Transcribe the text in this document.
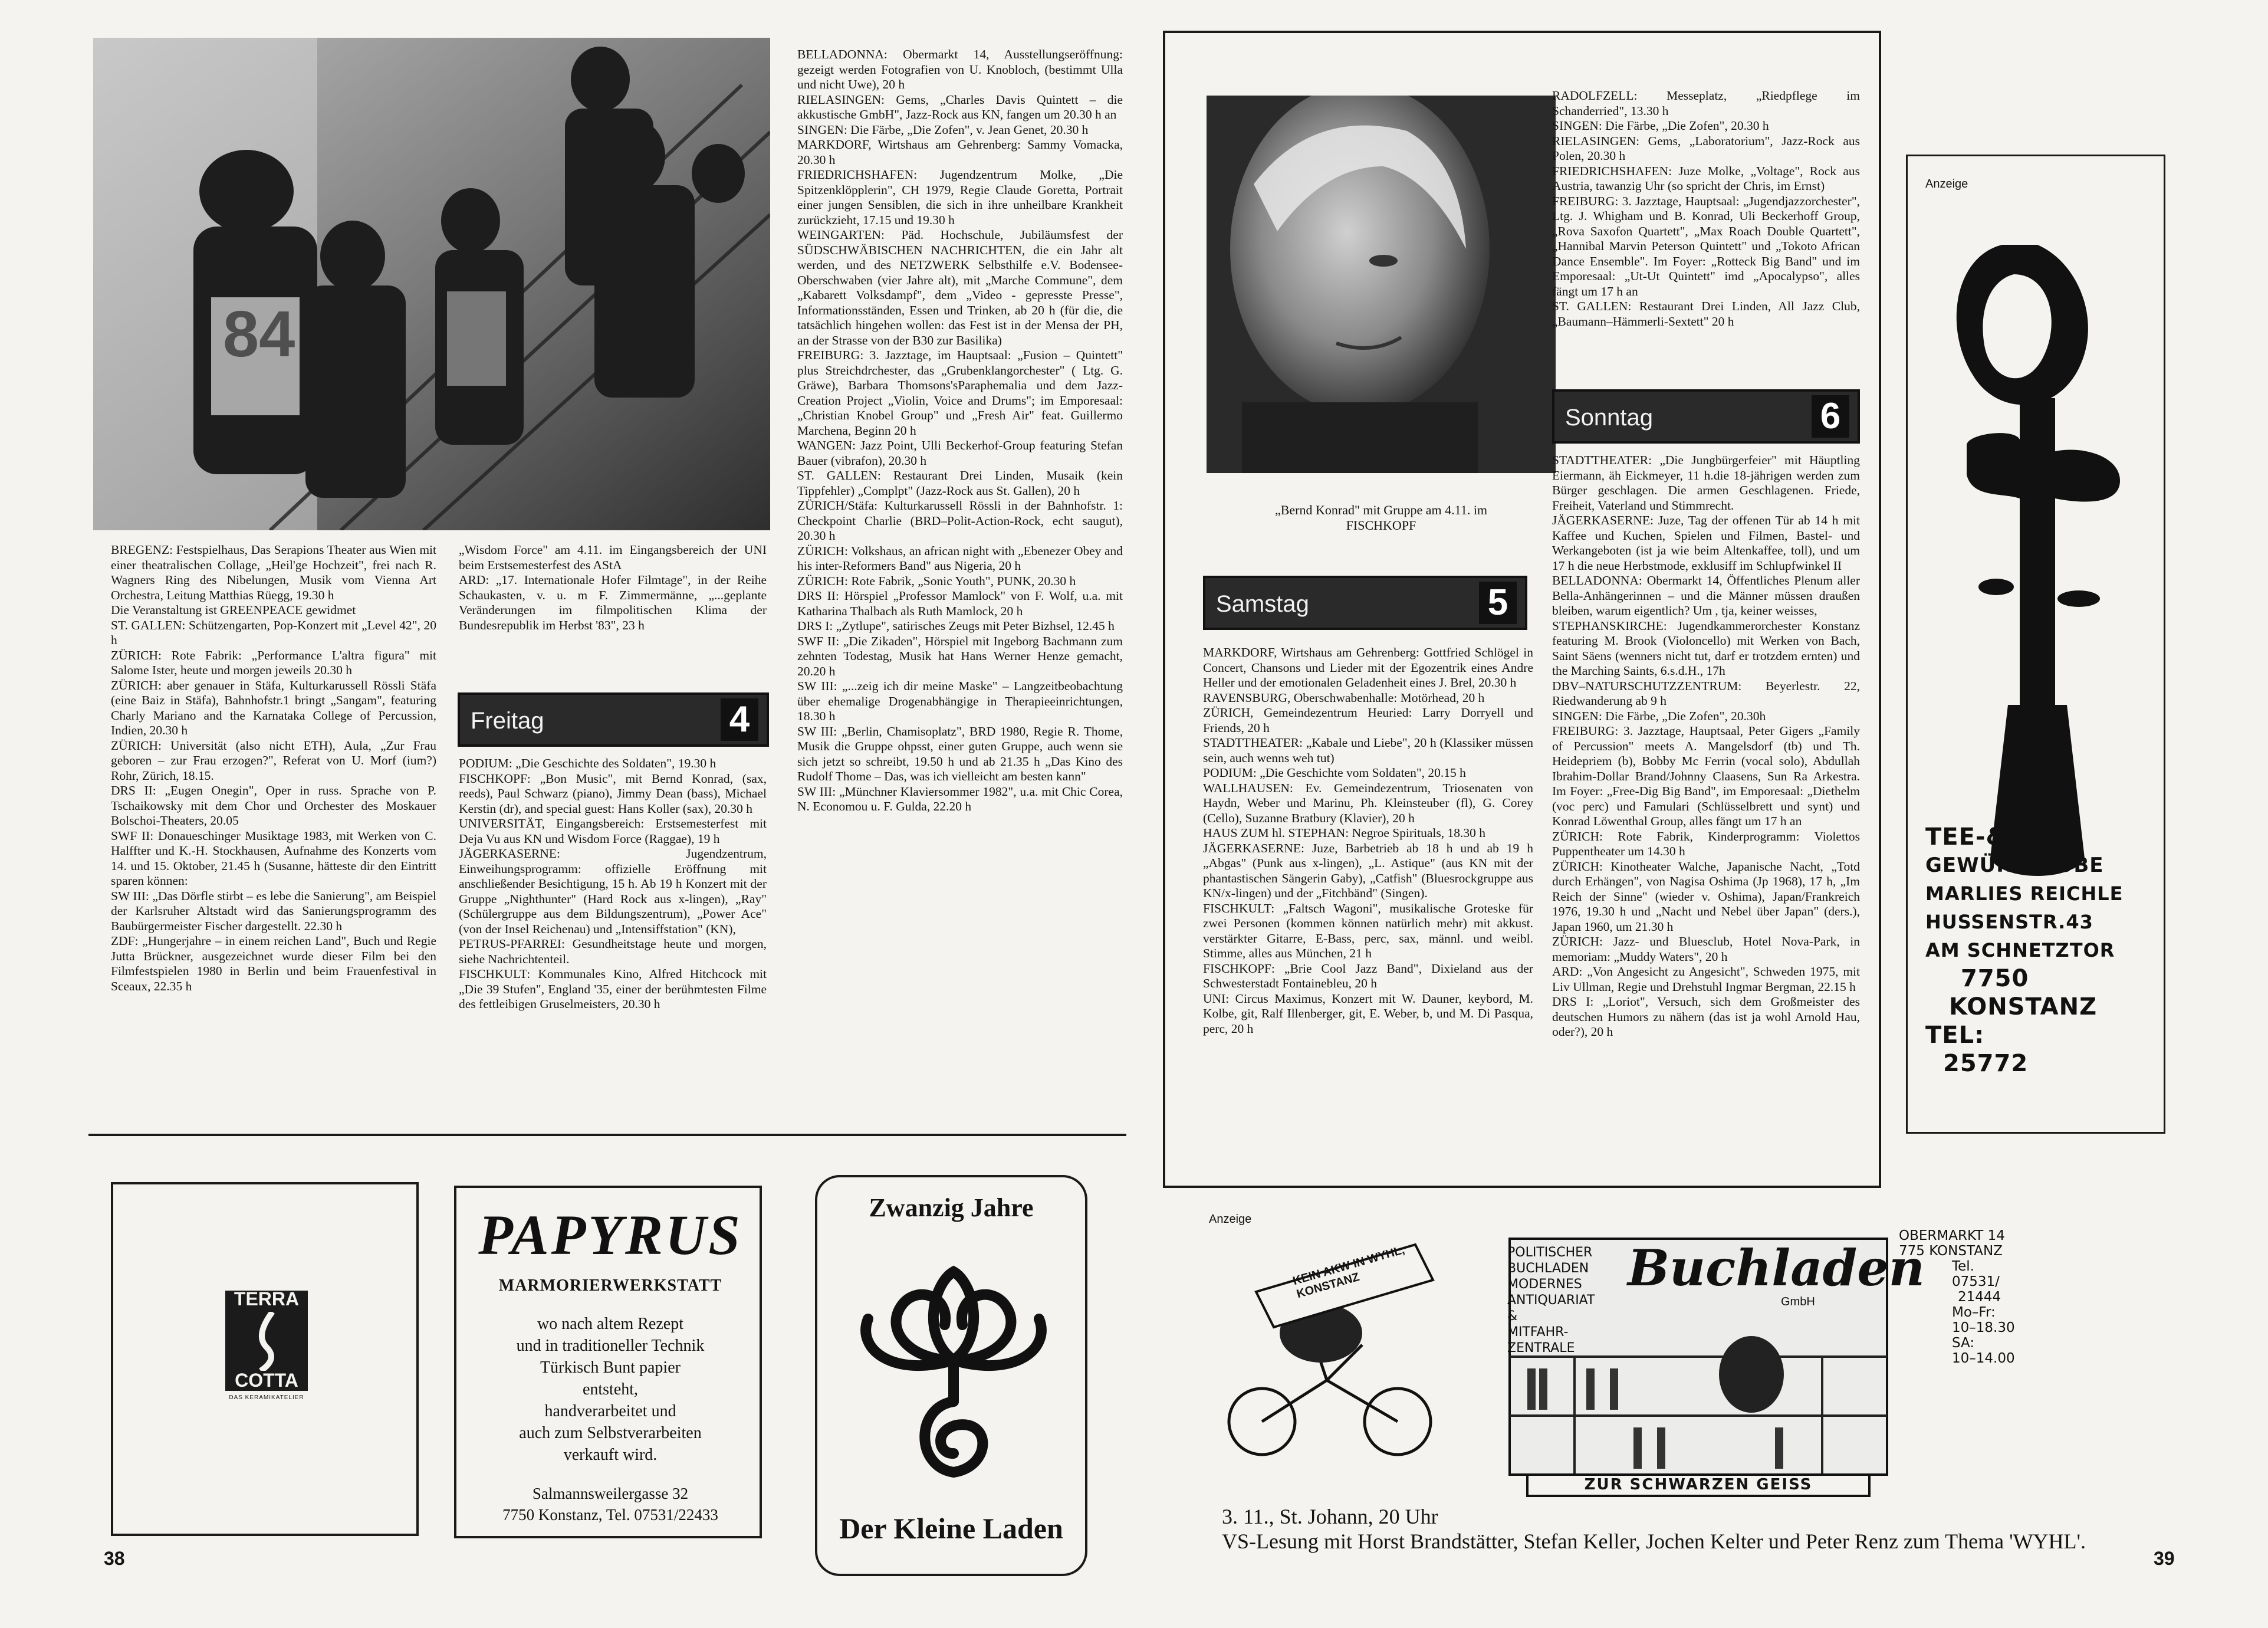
84
BREGENZ: Festspielhaus, Das Serapions Theater aus Wien mit einer theatralischen Collage, „Heil'ge Hochzeit", frei nach R. Wagners Ring des Nibelungen, Musik vom Vienna Art Orchestra, Leitung Matthias Rüegg, 19.30 h
Die Veranstaltung ist GREENPEACE gewidmet
ST. GALLEN: Schützengarten, Pop-Konzert mit „Level 42", 20 h
ZÜRICH: Rote Fabrik: „Performance L'altra figura" mit Salome Ister, heute und morgen jeweils 20.30 h
ZÜRICH: aber genauer in Stäfa, Kulturkarussell Rössli Stäfa (eine Baiz in Stäfa), Bahnhofstr.1 bringt „Sangam", featuring Charly Mariano and the Karnataka College of Percussion, Indien, 20.30 h
ZÜRICH: Universität (also nicht ETH), Aula, „Zur Frau geboren – zur Frau erzogen?", Referat von U. Morf (ium?) Rohr, Zürich, 18.15.
DRS II: „Eugen Onegin", Oper in russ. Sprache von P. Tschaikowsky mit dem Chor und Orchester des Moskauer Bolschoi-Theaters, 20.05
SWF II: Donaueschinger Musiktage 1983, mit Werken von C. Halffter und K.-H. Stockhausen, Aufnahme des Konzerts vom 14. und 15. Oktober, 21.45 h (Susanne, hätteste dir den Eintritt sparen können:
SW III: „Das Dörfle stirbt – es lebe die Sanierung", am Beispiel der Karlsruher Altstadt wird das Sanierungsprogramm des Baubürgermeister Fischer dargestellt. 22.30 h
ZDF: „Hungerjahre – in einem reichen Land", Buch und Regie Jutta Brückner, ausgezeichnet wurde dieser Film bei den Filmfestspielen 1980 in Berlin und beim Frauenfestival in Sceaux, 22.35 h
„Wisdom Force" am 4.11. im Eingangsbereich der UNI beim Erstsemesterfest des AStA
ARD: „17. Internationale Hofer Filmtage", in der Reihe Schaukasten, v. u. m F. Zimmermänne, „...geplante Veränderungen im filmpolitischen Klima der Bundesrepublik im Herbst '83", 23 h
Freitag	4
PODIUM: „Die Geschichte des Soldaten", 19.30 h
FISCHKOPF: „Bon Music", mit Bernd Konrad, (sax, reeds), Paul Schwarz (piano), Jimmy Dean (bass), Michael Kerstin (dr), and special guest: Hans Koller (sax), 20.30 h
UNIVERSITÄT, Eingangsbereich: Erstsemesterfest mit Deja Vu aus KN und Wisdom Force (Raggae), 19 h
JÄGERKASERNE: Jugendzentrum, Einweihungsprogramm: offizielle Eröffnung mit anschließender Besichtigung, 15 h. Ab 19 h Konzert mit der Gruppe „Nighthunter" (Hard Rock aus x-lingen), „Ray" (Schülergruppe aus dem Bildungszentrum), „Power Ace" (von der Insel Reichenau) und „Intensiffstation" (KN),
PETRUS-PFARREI: Gesundheitstage heute und morgen, siehe Nachrichtenteil.
FISCHKULT: Kommunales Kino, Alfred Hitchcock mit „Die 39 Stufen", England '35, einer der berühmtesten Filme des fettleibigen Gruselmeisters, 20.30 h
BELLADONNA: Obermarkt 14, Ausstellungseröffnung: gezeigt werden Fotografien von U. Knobloch, (bestimmt Ulla und nicht Uwe), 20 h
RIELASINGEN: Gems, „Charles Davis Quintett – die akkustische GmbH", Jazz-Rock aus KN, fangen um 20.30 h an
SINGEN: Die Färbe, „Die Zofen", v. Jean Genet, 20.30 h
MARKDORF, Wirtshaus am Gehrenberg: Sammy Vomacka, 20.30 h
FRIEDRICHSHAFEN: Jugendzentrum Molke, „Die Spitzenklöpplerin", CH 1979, Regie Claude Goretta, Portrait einer jungen Sensiblen, die sich in ihre unheilbare Krankheit zurückzieht, 17.15 und 19.30 h
WEINGARTEN: Päd. Hochschule, Jubiläumsfest der SÜDSCHWÄBISCHEN NACHRICHTEN, die ein Jahr alt werden, und des NETZWERK Selbsthilfe e.V. Bodensee-Oberschwaben (vier Jahre alt), mit „Marche Commune", dem „Kabarett Volksdampf", dem „Video - gepresste Presse", Informationsständen, Essen und Trinken, ab 20 h (für die, die tatsächlich hingehen wollen: das Fest ist in der Mensa der PH, an der Strasse von der B30 zur Basilika)
FREIBURG: 3. Jazztage, im Hauptsaal: „Fusion – Quintett" plus Streichdrchester, das „Grubenklangorchester" ( Ltg. G. Gräwe), Barbara Thomsons'sParaphemalia und dem Jazz-Creation Project „Violin, Voice and Drums"; im Emporesaal: „Christian Knobel Group" und „Fresh Air" feat. Guillermo Marchena, Beginn 20 h
WANGEN: Jazz Point, Ulli Beckerhof-Group featuring Stefan Bauer (vibrafon), 20.30 h
ST. GALLEN: Restaurant Drei Linden, Musaik (kein Tippfehler) „Complpt" (Jazz-Rock aus St. Gallen), 20 h
ZÜRICH/Stäfa: Kulturkarussell Rössli in der Bahnhofstr. 1: Checkpoint Charlie (BRD–Polit-Action-Rock, echt saugut), 20.30 h
ZÜRICH: Volkshaus, an african night with „Ebenezer Obey and his inter-Reformers Band" aus Nigeria, 20 h
ZÜRICH: Rote Fabrik, „Sonic Youth", PUNK, 20.30 h
DRS II: Hörspiel „Professor Mamlock" von F. Wolf, u.a. mit Katharina Thalbach als Ruth Mamlock, 20 h
DRS I: „Zytlupe", satirisches Zeugs mit Peter Bizhsel, 12.45 h
SWF II: „Die Zikaden", Hörspiel mit Ingeborg Bachmann zum zehnten Todestag, Musik hat Hans Werner Henze gemacht, 20.20 h
SW III: „...zeig ich dir meine Maske" – Langzeitbeobachtung über ehemalige Drogenabhängige in Therapieeinrichtungen, 18.30 h
SW III: „Berlin, Chamisoplatz", BRD 1980, Regie R. Thome, Musik die Gruppe ohpsst, einer guten Gruppe, auch wenn sie sich jetzt so schreibt, 19.50 h und ab 21.35 h „Das Kino des Rudolf Thome – Das, was ich vielleicht am besten kann"
SW III: „Münchner Klaviersommer 1982", u.a. mit Chic Corea, N. Economou u. F. Gulda, 22.20 h
TERRA
COTTA
DAS KERAMIKATELIER
PAPYRUS
MARMORIERWERKSTATT
wo nach altem Rezept
und in traditioneller Technik
Türkisch Bunt papier
entsteht,
handverarbeitet und
auch zum Selbstverarbeiten
verkauft wird.
Salmannsweilergasse 32
7750 Konstanz, Tel. 07531/22433
Zwanzig Jahre
Der Kleine Laden
38
„Bernd Konrad" mit Gruppe am 4.11. im
FISCHKOPF
Samstag	5
MARKDORF, Wirtshaus am Gehrenberg: Gottfried Schlögel in Concert, Chansons und Lieder mit der Egozentrik eines Andre Heller und der emotionalen Geladenheit eines J. Brel, 20.30 h
RAVENSBURG, Oberschwabenhalle: Motörhead, 20 h
ZÜRICH, Gemeindezentrum Heuried: Larry Dorryell und Friends, 20 h
STADTTHEATER: „Kabale und Liebe", 20 h (Klassiker müssen sein, auch wenns weh tut)
PODIUM: „Die Geschichte vom Soldaten", 20.15 h
WALLHAUSEN: Ev. Gemeindezentrum, Triosenaten von Haydn, Weber und Marinu, Ph. Kleinsteuber (fl), G. Corey (Cello), Suzanne Bratbury (Klavier), 20 h
HAUS ZUM hl. STEPHAN: Negroe Spirituals, 18.30 h
JÄGERKASERNE: Juze, Barbetrieb ab 18 h und ab 19 h „Abgas" (Punk aus x-lingen), „L. Astique" (aus KN mit der phantastischen Sängerin Gaby), „Catfish" (Bluesrockgruppe aus KN/x-lingen) und der „Fitchbänd" (Singen).
FISCHKULT: „Faltsch Wagoni", musikalische Groteske für zwei Personen (kommen können natürlich mehr) mit akkust. verstärkter Gitarre, E-Bass, perc, sax, männl. und weibl. Stimme, alles aus München, 21 h
FISCHKOPF: „Brie Cool Jazz Band", Dixieland aus der Schwesterstadt Fontainebleu, 20 h
UNI: Circus Maximus, Konzert mit W. Dauner, keybord, M. Kolbe, git, Ralf Illenberger, git, E. Weber, b, und M. Di Pasqua, perc, 20 h
RADOLFZELL: Messeplatz, „Riedpflege im Schanderried", 13.30 h
SINGEN: Die Färbe, „Die Zofen", 20.30 h
RIELASINGEN: Gems, „Laboratorium", Jazz-Rock aus Polen, 20.30 h
FRIEDRICHSHAFEN: Juze Molke, „Voltage", Rock aus Austria, tawanzig Uhr (so spricht der Chris, im Ernst)
FREIBURG: 3. Jazztage, Hauptsaal: „Jugendjazzorchester", Ltg. J. Whigham und B. Konrad, Uli Beckerhoff Group, „Rova Saxofon Quartett", „Max Roach Double Quartett", „Hannibal Marvin Peterson Quintett" und „Tokoto African Dance Ensemble". Im Foyer: „Rotteck Big Band" und im Emporesaal: „Ut-Ut Quintett" imd „Apocalypso", alles fängt um 17 h an
ST. GALLEN: Restaurant Drei Linden, All Jazz Club, „Baumann–Hämmerli-Sextett" 20 h
Sonntag	6
STADTTHEATER: „Die Jungbürgerfeier" mit Häuptling Eiermann, äh Eickmeyer, 11 h.die 18-jährigen werden zum Bürger geschlagen. Die armen Geschlagenen. Friede, Freiheit, Vaterland und Stimmrecht.
JÄGERKASERNE: Juze, Tag der offenen Tür ab 14 h mit Kaffee und Kuchen, Spielen und Filmen, Bastel- und Werkangeboten (ist ja wie beim Altenkaffee, toll), und um 17 h die neue Herbstmode, exklusiff im Schlupfwinkel II
BELLADONNA: Obermarkt 14, Öffentliches Plenum aller Bella-Anhängerinnen – und die Männer müssen draußen bleiben, warum eigentlich? Um , tja, keiner weisses,
STEPHANSKIRCHE: Jugendkammerorchester Konstanz featuring M. Brook (Violoncello) mit Werken von Bach, Saint Säens (wenners nicht tut, darf er trotzdem ernten) und the Marching Saints, 6.s.d.H., 17h
DBV–NATURSCHUTZZENTRUM: Beyerlestr. 22, Riedwanderung ab 9 h
SINGEN: Die Färbe, „Die Zofen", 20.30h
FREIBURG: 3. Jazztage, Hauptsaal, Peter Gigers „Family of Percussion" meets A. Mangelsdorf (tb) und Th. Heidepriem (b), Bobby Mc Ferrin (vocal solo), Abdullah Ibrahim-Dollar Brand/Johnny Claasens, Sun Ra Arkestra. Im Foyer: „Free-Dig Big Band", im Emporesaal: „Diethelm (voc perc) und Famulari (Schlüsselbrett und synt) und Konrad Löwenthal Group, alles fängt um 17 h an
ZÜRICH: Rote Fabrik, Kinderprogramm: Violettos Puppentheater um 14.30 h
ZÜRICH: Kinotheater Walche, Japanische Nacht, „Totd durch Erhängen", von Nagisa Oshima (Jp 1968), 17 h, „Im Reich der Sinne" (wieder v. Oshima), Japan/Frankreich 1976, 19.30 h und „Nacht und Nebel über Japan" (ders.), Japan 1960, um 21.30 h
ZÜRICH: Jazz- und Bluesclub, Hotel Nova-Park, in memoriam: „Muddy Waters", 20 h
ARD: „Von Angesicht zu Angesicht", Schweden 1975, mit Liv Ullman, Regie und Drehstuhl Ingmar Bergman, 22.15 h
DRS I: „Loriot", Versuch, sich dem Großmeister des deutschen Humors zu nähern (das ist ja wohl Arnold Hau, oder?), 20 h
Anzeige
TEE-&
GEWÜRZSTUBE
MARLIES REICHLE
HUSSENSTR.43
AM SCHNETZTOR
7750
KONSTANZ
TEL:
25772
Anzeige
KEIN AKW IN WYHL, KONSTANZ
POLITISCHER
BUCHLADEN
MODERNES
ANTIQUARIAT
&
MITFAHR-
ZENTRALE
Buchladen
GmbH
OBERMARKT 14
775 KONSTANZ
Tel.
07531/
21444
Mo–Fr:
10–18.30
SA:
10–14.00
ZUR SCHWARZEN GEISS
3. 11., St. Johann, 20 Uhr
VS-Lesung mit Horst Brandstätter, Stefan Keller, Jochen Kelter und Peter Renz zum Thema 'WYHL'.
39
